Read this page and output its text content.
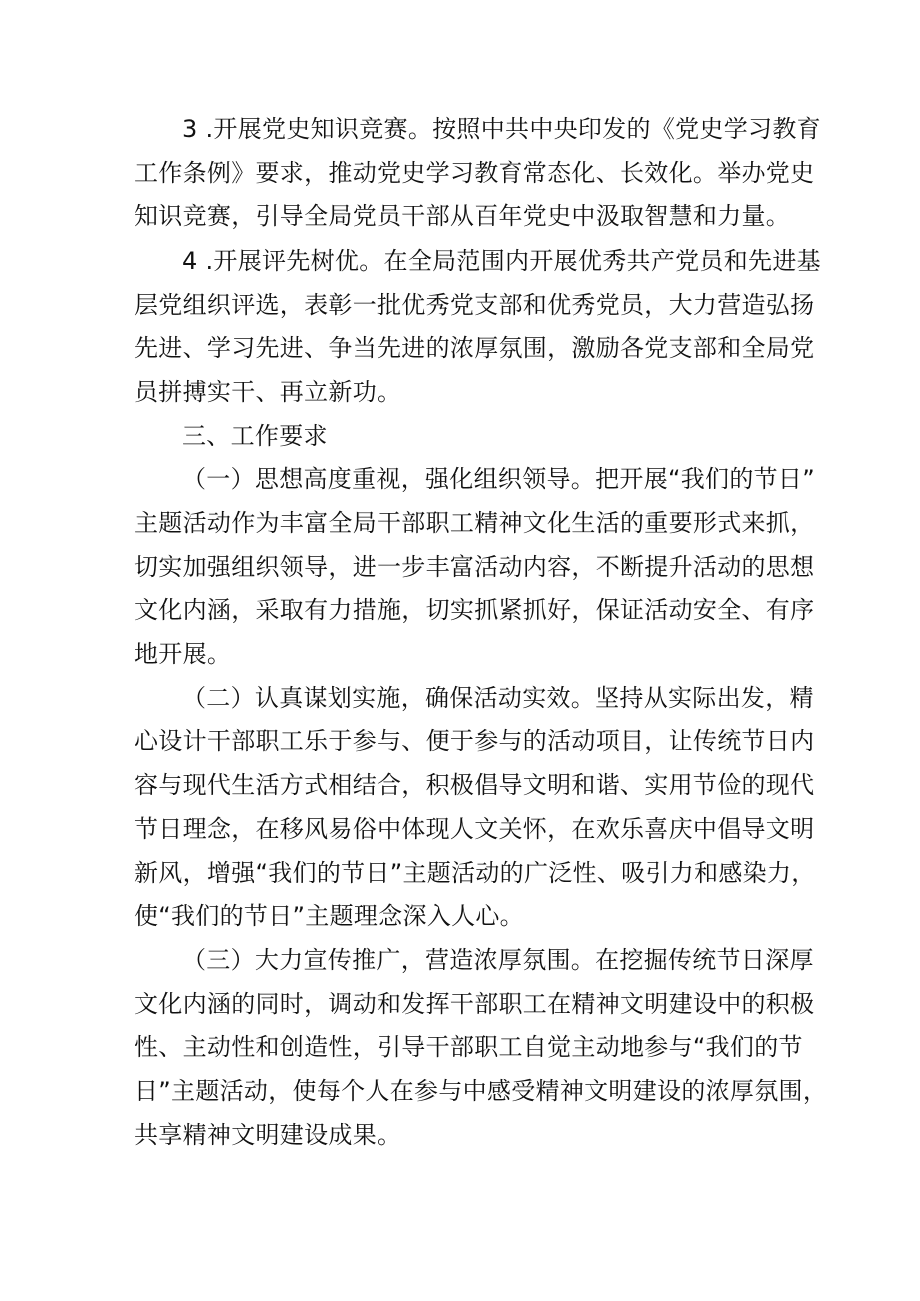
3 .开展党史知识竞赛。按照中共中央印发的《党史学习教育
工作条例》要求，推动党史学习教育常态化、长效化。举办党史
知识竞赛，引导全局党员干部从百年党史中汲取智慧和力量。
4 .开展评先树优。在全局范围内开展优秀共产党员和先进基
层党组织评选，表彰一批优秀党支部和优秀党员，大力营造弘扬
先进、学习先进、争当先进的浓厚氛围，激励各党支部和全局党
员拼搏实干、再立新功。
三、工作要求
（一）思想高度重视，强化组织领导。把开展“我们的节日”
主题活动作为丰富全局干部职工精神文化生活的重要形式来抓，
切实加强组织领导，进一步丰富活动内容，不断提升活动的思想
文化内涵，采取有力措施，切实抓紧抓好，保证活动安全、有序
地开展。
（二）认真谋划实施，确保活动实效。坚持从实际出发，精
心设计干部职工乐于参与、便于参与的活动项目，让传统节日内
容与现代生活方式相结合，积极倡导文明和谐、实用节俭的现代
节日理念，在移风易俗中体现人文关怀，在欢乐喜庆中倡导文明
新风，增强“我们的节日”主题活动的广泛性、吸引力和感染力，
使“我们的节日”主题理念深入人心。
（三）大力宣传推广，营造浓厚氛围。在挖掘传统节日深厚
文化内涵的同时，调动和发挥干部职工在精神文明建设中的积极
性、主动性和创造性，引导干部职工自觉主动地参与“我们的节
日”主题活动，使每个人在参与中感受精神文明建设的浓厚氛围，
共享精神文明建设成果。
